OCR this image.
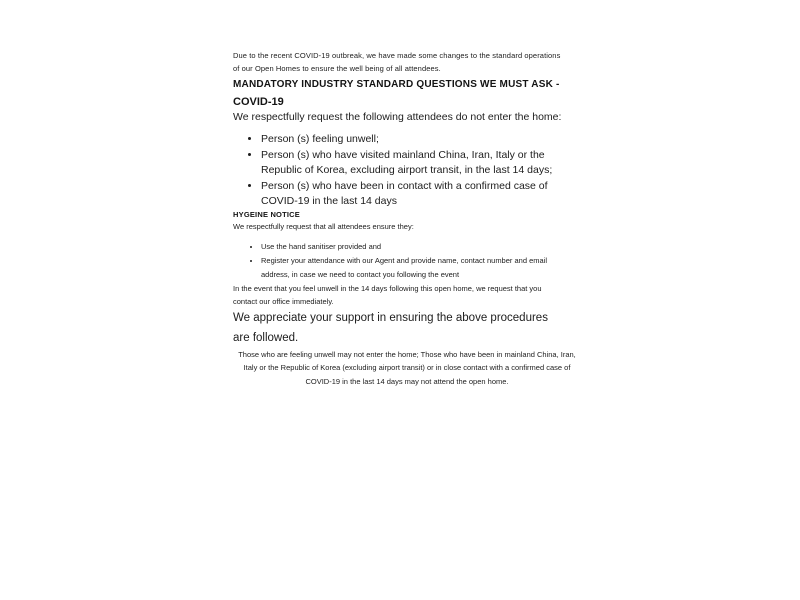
Due to the recent COVID-19 outbreak, we have made some changes to the standard operations of our Open Homes to ensure the well being of all attendees.

MANDATORY INDUSTRY STANDARD QUESTIONS WE MUST ASK -
COVID-19

We respectfully request the following attendees do not enter the home:

• Person (s) feeling unwell;
• Person (s) who have visited mainland China, Iran, Italy or the Republic of Korea, excluding airport transit, in the last 14 days;
• Person (s) who have been in contact with a confirmed case of COVID-19 in the last 14 days
HYGEINE NOTICE

We respectfully request that all attendees ensure they:

• Use the hand sanitiser provided and
• Register your attendance with our Agent and provide name, contact number and email address, in case we need to contact you following the event

In the event that you feel unwell in the 14 days following this open home, we request that you contact our office immediately.

We appreciate your support in ensuring the above procedures are followed.

Those who are feeling unwell may not enter the home; Those who have been in mainland China, Iran, Italy or the Republic of Korea (excluding airport transit) or in close contact with a confirmed case of COVID-19 in the last 14 days may not attend the open home.
